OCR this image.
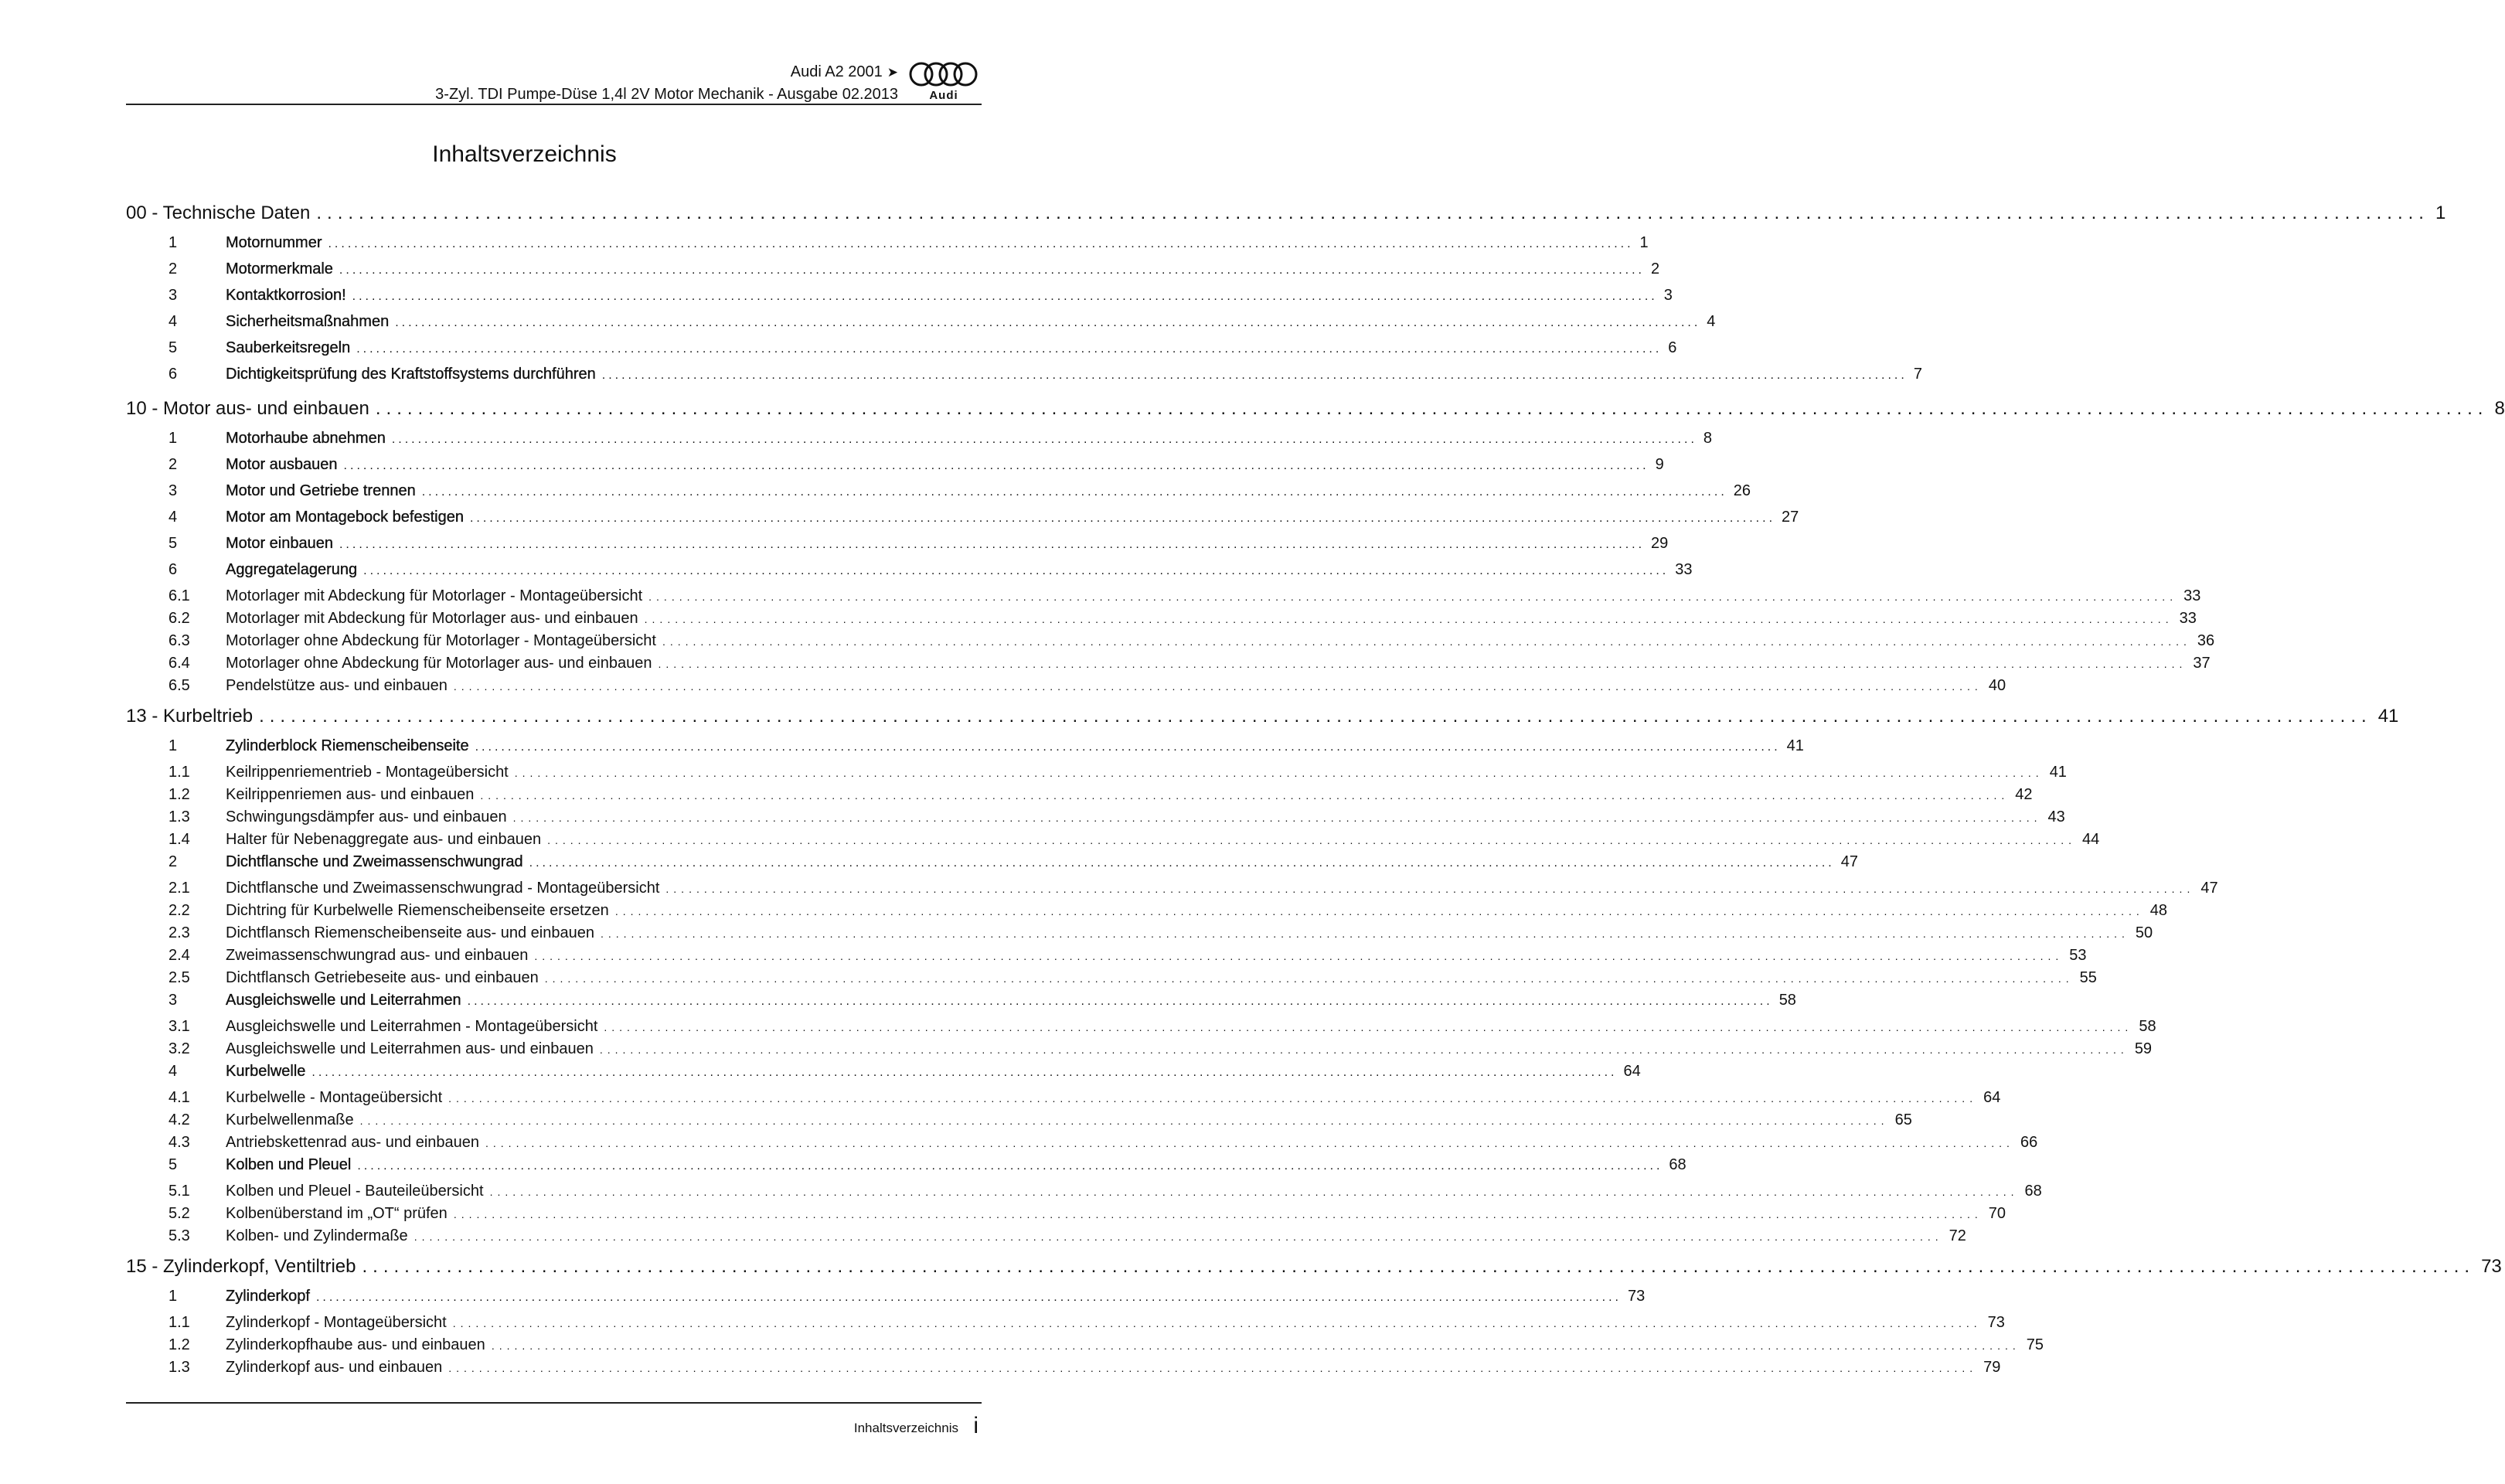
Audi A2 2001 ➤
3-Zyl. TDI Pumpe-Düse 1,4l 2V Motor Mechanik - Ausgabe 02.2013	Audi
Inhaltsverzeichnis
00 - Technische Daten ........................................................................................................................................................................................................ 1
1	Motornummer ........................................................................................................................................................................................................ 1
2	Motormerkmale ........................................................................................................................................................................................................ 2
3	Kontaktkorrosion! ........................................................................................................................................................................................................ 3
4	Sicherheitsmaßnahmen ........................................................................................................................................................................................................ 4
5	Sauberkeitsregeln ........................................................................................................................................................................................................ 6
6	Dichtigkeitsprüfung des Kraftstoffsystems durchführen ........................................................................................................................................................................................................ 7
10 - Motor aus- und einbauen ........................................................................................................................................................................................................ 8
1	Motorhaube abnehmen ........................................................................................................................................................................................................ 8
2	Motor ausbauen ........................................................................................................................................................................................................ 9
3	Motor und Getriebe trennen ........................................................................................................................................................................................................ 26
4	Motor am Montagebock befestigen ........................................................................................................................................................................................................ 27
5	Motor einbauen ........................................................................................................................................................................................................ 29
6	Aggregatelagerung ........................................................................................................................................................................................................ 33
6.1 Motorlager mit Abdeckung für Motorlager - Montageübersicht ........................................................................................................................................................................................................ 33
6.2 Motorlager mit Abdeckung für Motorlager aus- und einbauen ........................................................................................................................................................................................................ 33
6.3 Motorlager ohne Abdeckung für Motorlager - Montageübersicht ........................................................................................................................................................................................................ 36
6.4 Motorlager ohne Abdeckung für Motorlager aus- und einbauen ........................................................................................................................................................................................................ 37
6.5 Pendelstütze aus- und einbauen ........................................................................................................................................................................................................ 40
13 - Kurbeltrieb ........................................................................................................................................................................................................ 41
1	Zylinderblock Riemenscheibenseite ........................................................................................................................................................................................................ 41
1.1 Keilrippenriementrieb - Montageübersicht ........................................................................................................................................................................................................ 41
1.2 Keilrippenriemen aus- und einbauen ........................................................................................................................................................................................................ 42
1.3 Schwingungsdämpfer aus- und einbauen ........................................................................................................................................................................................................ 43
1.4 Halter für Nebenaggregate aus- und einbauen ........................................................................................................................................................................................................ 44
2	Dichtflansche und Zweimassenschwungrad ........................................................................................................................................................................................................ 47
2.1 Dichtflansche und Zweimassenschwungrad - Montageübersicht ........................................................................................................................................................................................................ 47
2.2 Dichtring für Kurbelwelle Riemenscheibenseite ersetzen ........................................................................................................................................................................................................ 48
2.3 Dichtflansch Riemenscheibenseite aus- und einbauen ........................................................................................................................................................................................................ 50
2.4 Zweimassenschwungrad aus- und einbauen ........................................................................................................................................................................................................ 53
2.5 Dichtflansch Getriebeseite aus- und einbauen ........................................................................................................................................................................................................ 55
3	Ausgleichswelle und Leiterrahmen ........................................................................................................................................................................................................ 58
3.1 Ausgleichswelle und Leiterrahmen - Montageübersicht ........................................................................................................................................................................................................ 58
3.2 Ausgleichswelle und Leiterrahmen aus- und einbauen ........................................................................................................................................................................................................ 59
4	Kurbelwelle ........................................................................................................................................................................................................ 64
4.1 Kurbelwelle - Montageübersicht ........................................................................................................................................................................................................ 64
4.2 Kurbelwellenmaße ........................................................................................................................................................................................................ 65
4.3 Antriebskettenrad aus- und einbauen ........................................................................................................................................................................................................ 66
5	Kolben und Pleuel ........................................................................................................................................................................................................ 68
5.1 Kolben und Pleuel - Bauteileübersicht ........................................................................................................................................................................................................ 68
5.2 Kolbenüberstand im „OT“ prüfen ........................................................................................................................................................................................................ 70
5.3 Kolben- und Zylindermaße ........................................................................................................................................................................................................ 72
15 - Zylinderkopf, Ventiltrieb ........................................................................................................................................................................................................ 73
1	Zylinderkopf ........................................................................................................................................................................................................ 73
1.1 Zylinderkopf - Montageübersicht ........................................................................................................................................................................................................ 73
1.2 Zylinderkopfhaube aus- und einbauen ........................................................................................................................................................................................................ 75
1.3 Zylinderkopf aus- und einbauen ........................................................................................................................................................................................................ 79
Inhaltsverzeichnis i
